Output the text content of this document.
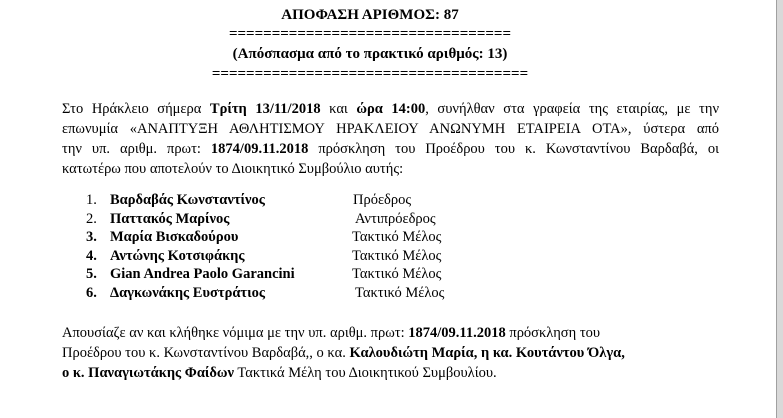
ΑΠΟΦΑΣΗ ΑΡΙΘΜΟΣ: 87
=================================
(Απόσπασμα από το πρακτικό αριθμός: 13)
=====================================
Στο Ηράκλειο σήμερα Τρίτη 13/11/2018 και ώρα 14:00, συνήλθαν στα γραφεία της εταιρίας, με την
επωνυμία «ΑΝΑΠΤΥΞΗ ΑΘΛΗΤΙΣΜΟΥ ΗΡΑΚΛΕΙΟΥ ΑΝΩΝΥΜΗ ΕΤΑΙΡΕΙΑ ΟΤΑ», ύστερα από
την υπ. αριθμ. πρωτ: 1874/09.11.2018 πρόσκληση του Προέδρου του κ. Κωνσταντίνου Βαρδαβά, οι
κατωτέρω που αποτελούν το Διοικητικό Συμβούλιο αυτής:
1. Βαρδαβάς Κωνσταντίνος	Πρόεδρος
2. Παττακός Μαρίνος	Αντιπρόεδρος
3. Μαρία Βισκαδούρου	Τακτικό Μέλος
4. Αντώνης Κοτσιφάκης	Τακτικό Μέλος
5. Gian Andrea Paolo Garancini	Τακτικό Μέλος
6. Δαγκωνάκης Ευστράτιος	Τακτικό Μέλος
Απουσίαζε αν και κλήθηκε νόμιμα με την υπ. αριθμ. πρωτ: 1874/09.11.2018 πρόσκληση του
Προέδρου του κ. Κωνσταντίνου Βαρδαβά,, ο κα. Καλουδιώτη Μαρία, η κα. Κουτάντου Όλγα,
ο κ. Παναγιωτάκης Φαίδων Τακτικά Μέλη του Διοικητικού Συμβουλίου.
